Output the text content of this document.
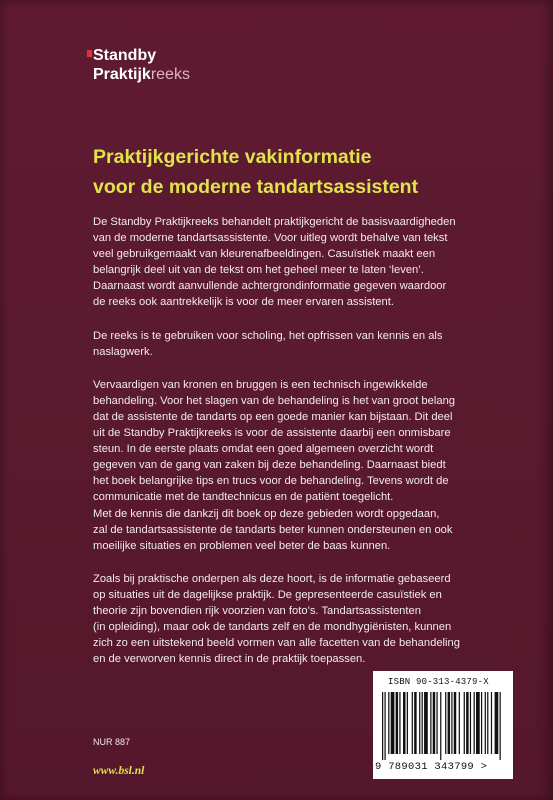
Standby
Praktijkreeks
Praktijkgerichte vakinformatie
voor de moderne tandartsassistent
De Standby Praktijkreeks behandelt praktijkgericht de basisvaardigheden
van de moderne tandartsassistente. Voor uitleg wordt behalve van tekst
veel gebruikgemaakt van kleurenafbeeldingen. Casuïstiek maakt een
belangrijk deel uit van de tekst om het geheel meer te laten ‘leven’.
Daarnaast wordt aanvullende achtergrondinformatie gegeven waardoor
de reeks ook aantrekkelijk is voor de meer ervaren assistent.
De reeks is te gebruiken voor scholing, het opfrissen van kennis en als
naslagwerk.
Vervaardigen van kronen en bruggen is een technisch ingewikkelde
behandeling. Voor het slagen van de behandeling is het van groot belang
dat de assistente de tandarts op een goede manier kan bijstaan. Dit deel
uit de Standby Praktijkreeks is voor de assistente daarbij een onmisbare
steun. In de eerste plaats omdat een goed algemeen overzicht wordt
gegeven van de gang van zaken bij deze behandeling. Daarnaast biedt
het boek belangrijke tips en trucs voor de behandeling. Tevens wordt de
communicatie met de tandtechnicus en de patiënt toegelicht.
Met de kennis die dankzij dit boek op deze gebieden wordt opgedaan,
zal de tandartsassistente de tandarts beter kunnen ondersteunen en ook
moeilijke situaties en problemen veel beter de baas kunnen.
Zoals bij praktische onderpen als deze hoort, is de informatie gebaseerd
op situaties uit de dagelijkse praktijk. De gepresenteerde casuïstiek en
theorie zijn bovendien rijk voorzien van foto’s. Tandartsassistenten
(in opleiding), maar ook de tandarts zelf en de mondhygiënisten, kunnen
zich zo een uitstekend beeld vormen van alle facetten van de behandeling
en de verworven kennis direct in de praktijk toepassen.
NUR 887
www.bsl.nl
ISBN 90-313-4379-X
9 789031 343799 >
